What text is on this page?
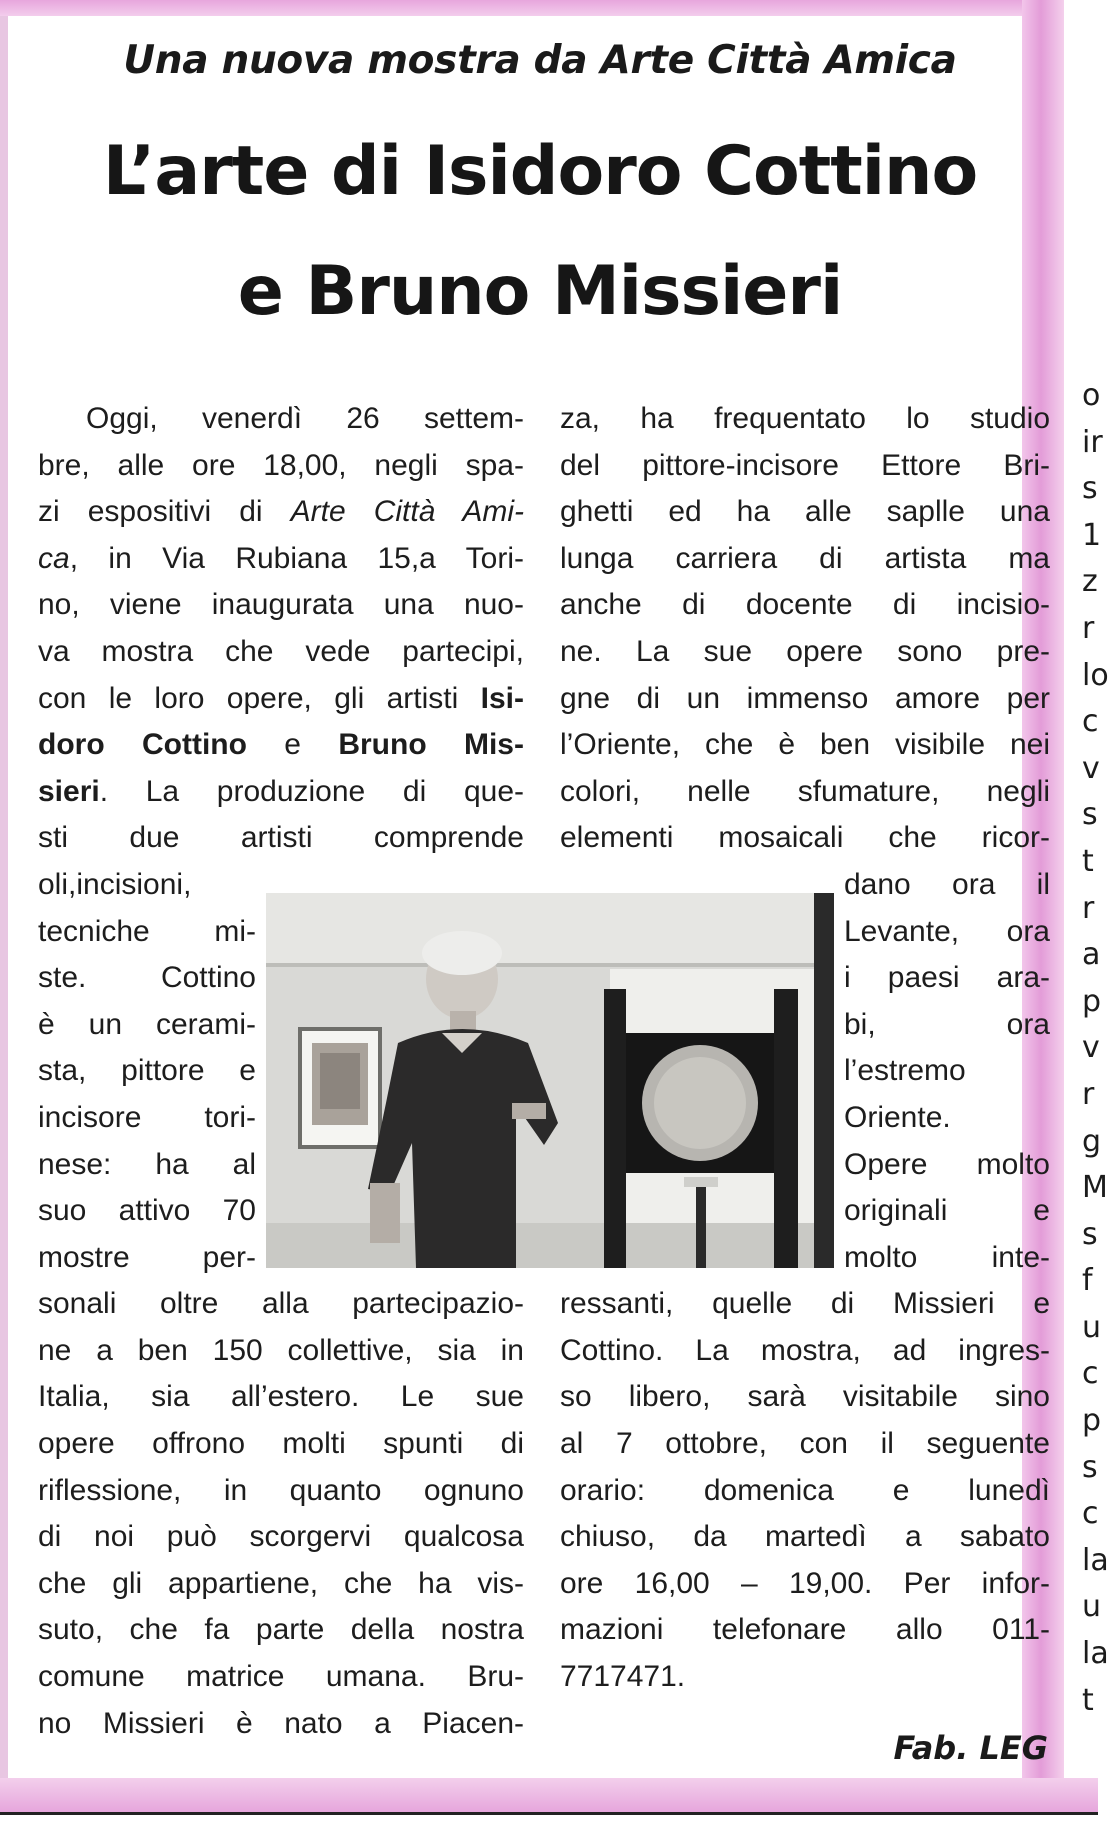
o
ir
s
1
z
r
lo
c
v
s
t
r
a
p
v
r
g
M
s
f
u
c
p
s
c
la
u
la
t
Una nuova mostra da Arte Città Amica
L’arte di Isidoro Cottino
e Bruno Missieri
Oggi, venerdì 26 settem-
bre, alle ore 18,00, negli spa-
zi espositivi di Arte Città Ami-
ca, in Via Rubiana 15,a Tori-
no, viene inaugurata una nuo-
va mostra che vede partecipi,
con le loro opere, gli artisti Isi-
doro Cottino e Bruno Mis-
sieri. La produzione di que-
sti due artisti comprende
oli,incisioni,
tecniche mi-
ste. Cottino
è un cerami-
sta, pittore e
incisore tori-
nese: ha al
suo attivo 70
mostre per-
sonali oltre alla partecipazio-
ne a ben 150 collettive, sia in
Italia, sia all’estero. Le sue
opere offrono molti spunti di
riflessione, in quanto ognuno
di noi può scorgervi qualcosa
che gli appartiene, che ha vis-
suto, che fa parte della nostra
comune matrice umana. Bru-
no Missieri è nato a Piacen-
za, ha frequentato lo studio
del pittore-incisore Ettore Bri-
ghetti ed ha alle saplle una
lunga carriera di artista ma
anche di docente di incisio-
ne. La sue opere sono pre-
gne di un immenso amore per
l’Oriente, che è ben visibile nei
colori, nelle sfumature, negli
elementi mosaicali che ricor-
dano ora il
Levante, ora
i paesi ara-
bi, ora
l’estremo
Oriente.
Opere molto
originali e
molto inte-
ressanti, quelle di Missieri e
Cottino. La mostra, ad ingres-
so libero, sarà visitabile sino
al 7 ottobre, con il seguente
orario: domenica e lunedì
chiuso, da martedì a sabato
ore 16,00 – 19,00. Per infor-
mazioni telefonare allo 011-
7717471.
Fab. LEG
